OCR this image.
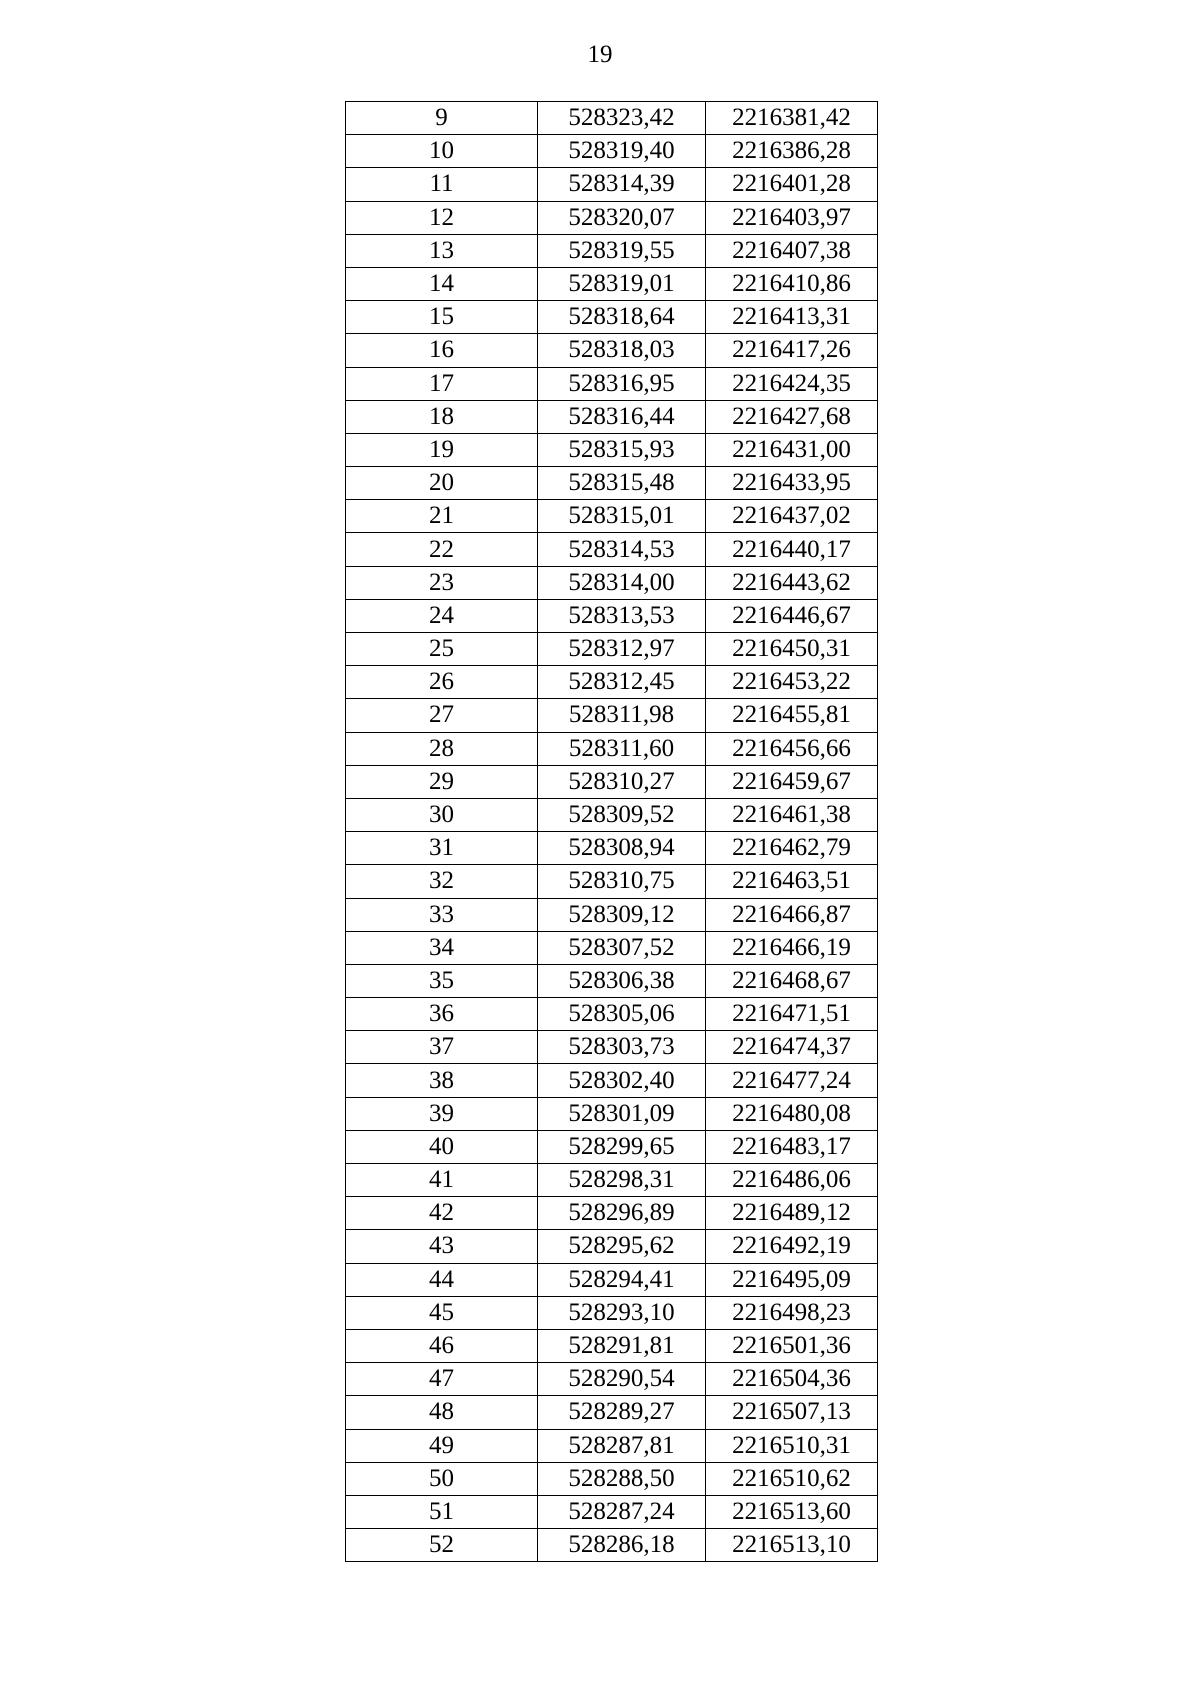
19
9	528323,42	2216381,42
10	528319,40	2216386,28
11	528314,39	2216401,28
12	528320,07	2216403,97
13	528319,55	2216407,38
14	528319,01	2216410,86
15	528318,64	2216413,31
16	528318,03	2216417,26
17	528316,95	2216424,35
18	528316,44	2216427,68
19	528315,93	2216431,00
20	528315,48	2216433,95
21	528315,01	2216437,02
22	528314,53	2216440,17
23	528314,00	2216443,62
24	528313,53	2216446,67
25	528312,97	2216450,31
26	528312,45	2216453,22
27	528311,98	2216455,81
28	528311,60	2216456,66
29	528310,27	2216459,67
30	528309,52	2216461,38
31	528308,94	2216462,79
32	528310,75	2216463,51
33	528309,12	2216466,87
34	528307,52	2216466,19
35	528306,38	2216468,67
36	528305,06	2216471,51
37	528303,73	2216474,37
38	528302,40	2216477,24
39	528301,09	2216480,08
40	528299,65	2216483,17
41	528298,31	2216486,06
42	528296,89	2216489,12
43	528295,62	2216492,19
44	528294,41	2216495,09
45	528293,10	2216498,23
46	528291,81	2216501,36
47	528290,54	2216504,36
48	528289,27	2216507,13
49	528287,81	2216510,31
50	528288,50	2216510,62
51	528287,24	2216513,60
52	528286,18	2216513,10
